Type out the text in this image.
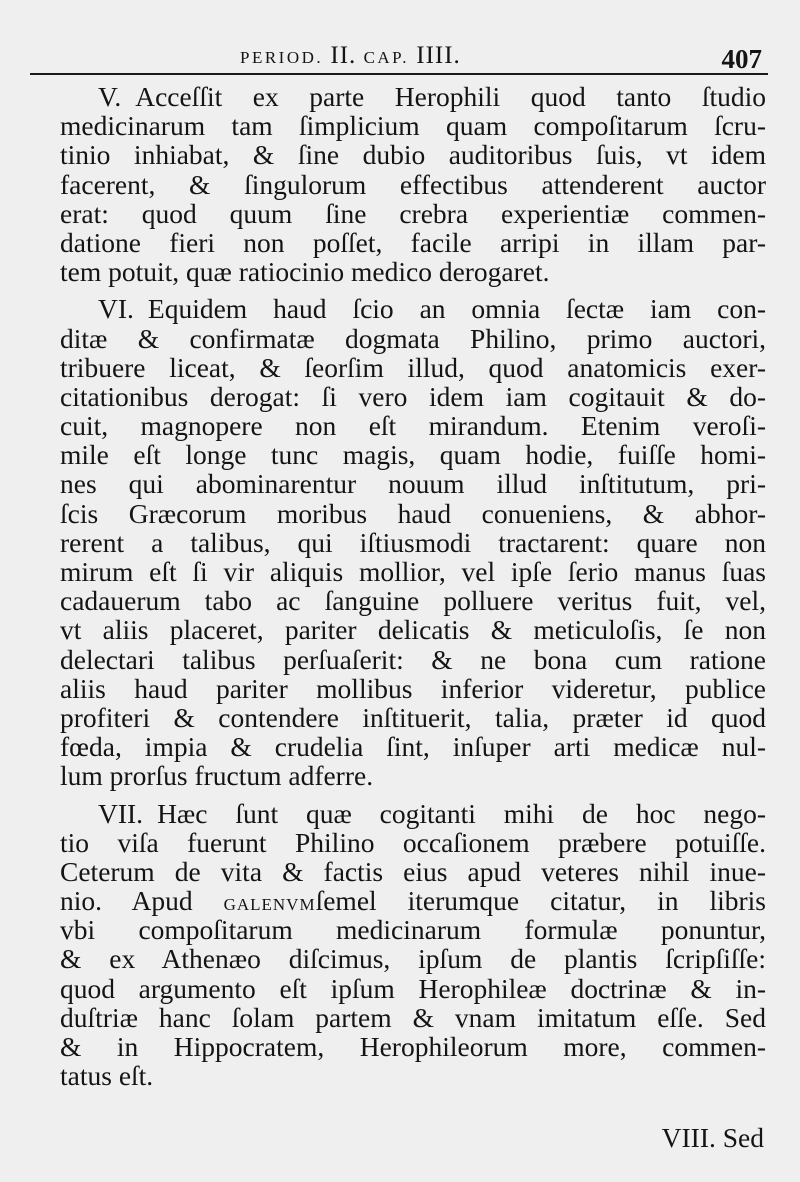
PERIOD. II. CAP. IIII.	407
V. Acceſſit ex parte Herophili quod tanto ſtudio
medicinarum tam ſimplicium quam compoſitarum ſcru-
tinio inhiabat, & ſine dubio auditoribus ſuis, vt idem
facerent, & ſingulorum effectibus attenderent auctor
erat: quod quum ſine crebra experientiæ commen-
datione fieri non poſſet, facile arripi in illam par-
tem potuit, quæ ratiocinio medico derogaret.
VI. Equidem haud ſcio an omnia ſectæ iam con-
ditæ & confirmatæ dogmata Philino, primo auctori,
tribuere liceat, & ſeorſim illud, quod anatomicis exer-
citationibus derogat: ſi vero idem iam cogitauit & do-
cuit, magnopere non eſt mirandum. Etenim veroſi-
mile eſt longe tunc magis, quam hodie, fuiſſe homi-
nes qui abominarentur nouum illud inſtitutum, pri-
ſcis Græcorum moribus haud conueniens, & abhor-
rerent a talibus, qui iſtiusmodi tractarent: quare non
mirum eſt ſi vir aliquis mollior, vel ipſe ſerio manus ſuas
cadauerum tabo ac ſanguine polluere veritus fuit, vel,
vt aliis placeret, pariter delicatis & meticuloſis, ſe non
delectari talibus perſuaſerit: & ne bona cum ratione
aliis haud pariter mollibus inferior videretur, publice
profiteri & contendere inſtituerit, talia, præter id quod
fœda, impia & crudelia ſint, inſuper arti medicæ nul-
lum prorſus fructum adferre.
VII. Hæc ſunt quæ cogitanti mihi de hoc nego-
tio viſa fuerunt Philino occaſionem præbere potuiſſe.
Ceterum de vita & factis eius apud veteres nihil inue-
nio. Apud GALENVMſemel iterumque citatur, in libris
vbi compoſitarum medicinarum formulæ ponuntur,
& ex Athenæo diſcimus, ipſum de plantis ſcripſiſſe:
quod argumento eſt ipſum Herophileæ doctrinæ & in-
duſtriæ hanc ſolam partem & vnam imitatum eſſe. Sed
& in Hippocratem, Herophileorum more, commen-
tatus eſt.
VIII. Sed
